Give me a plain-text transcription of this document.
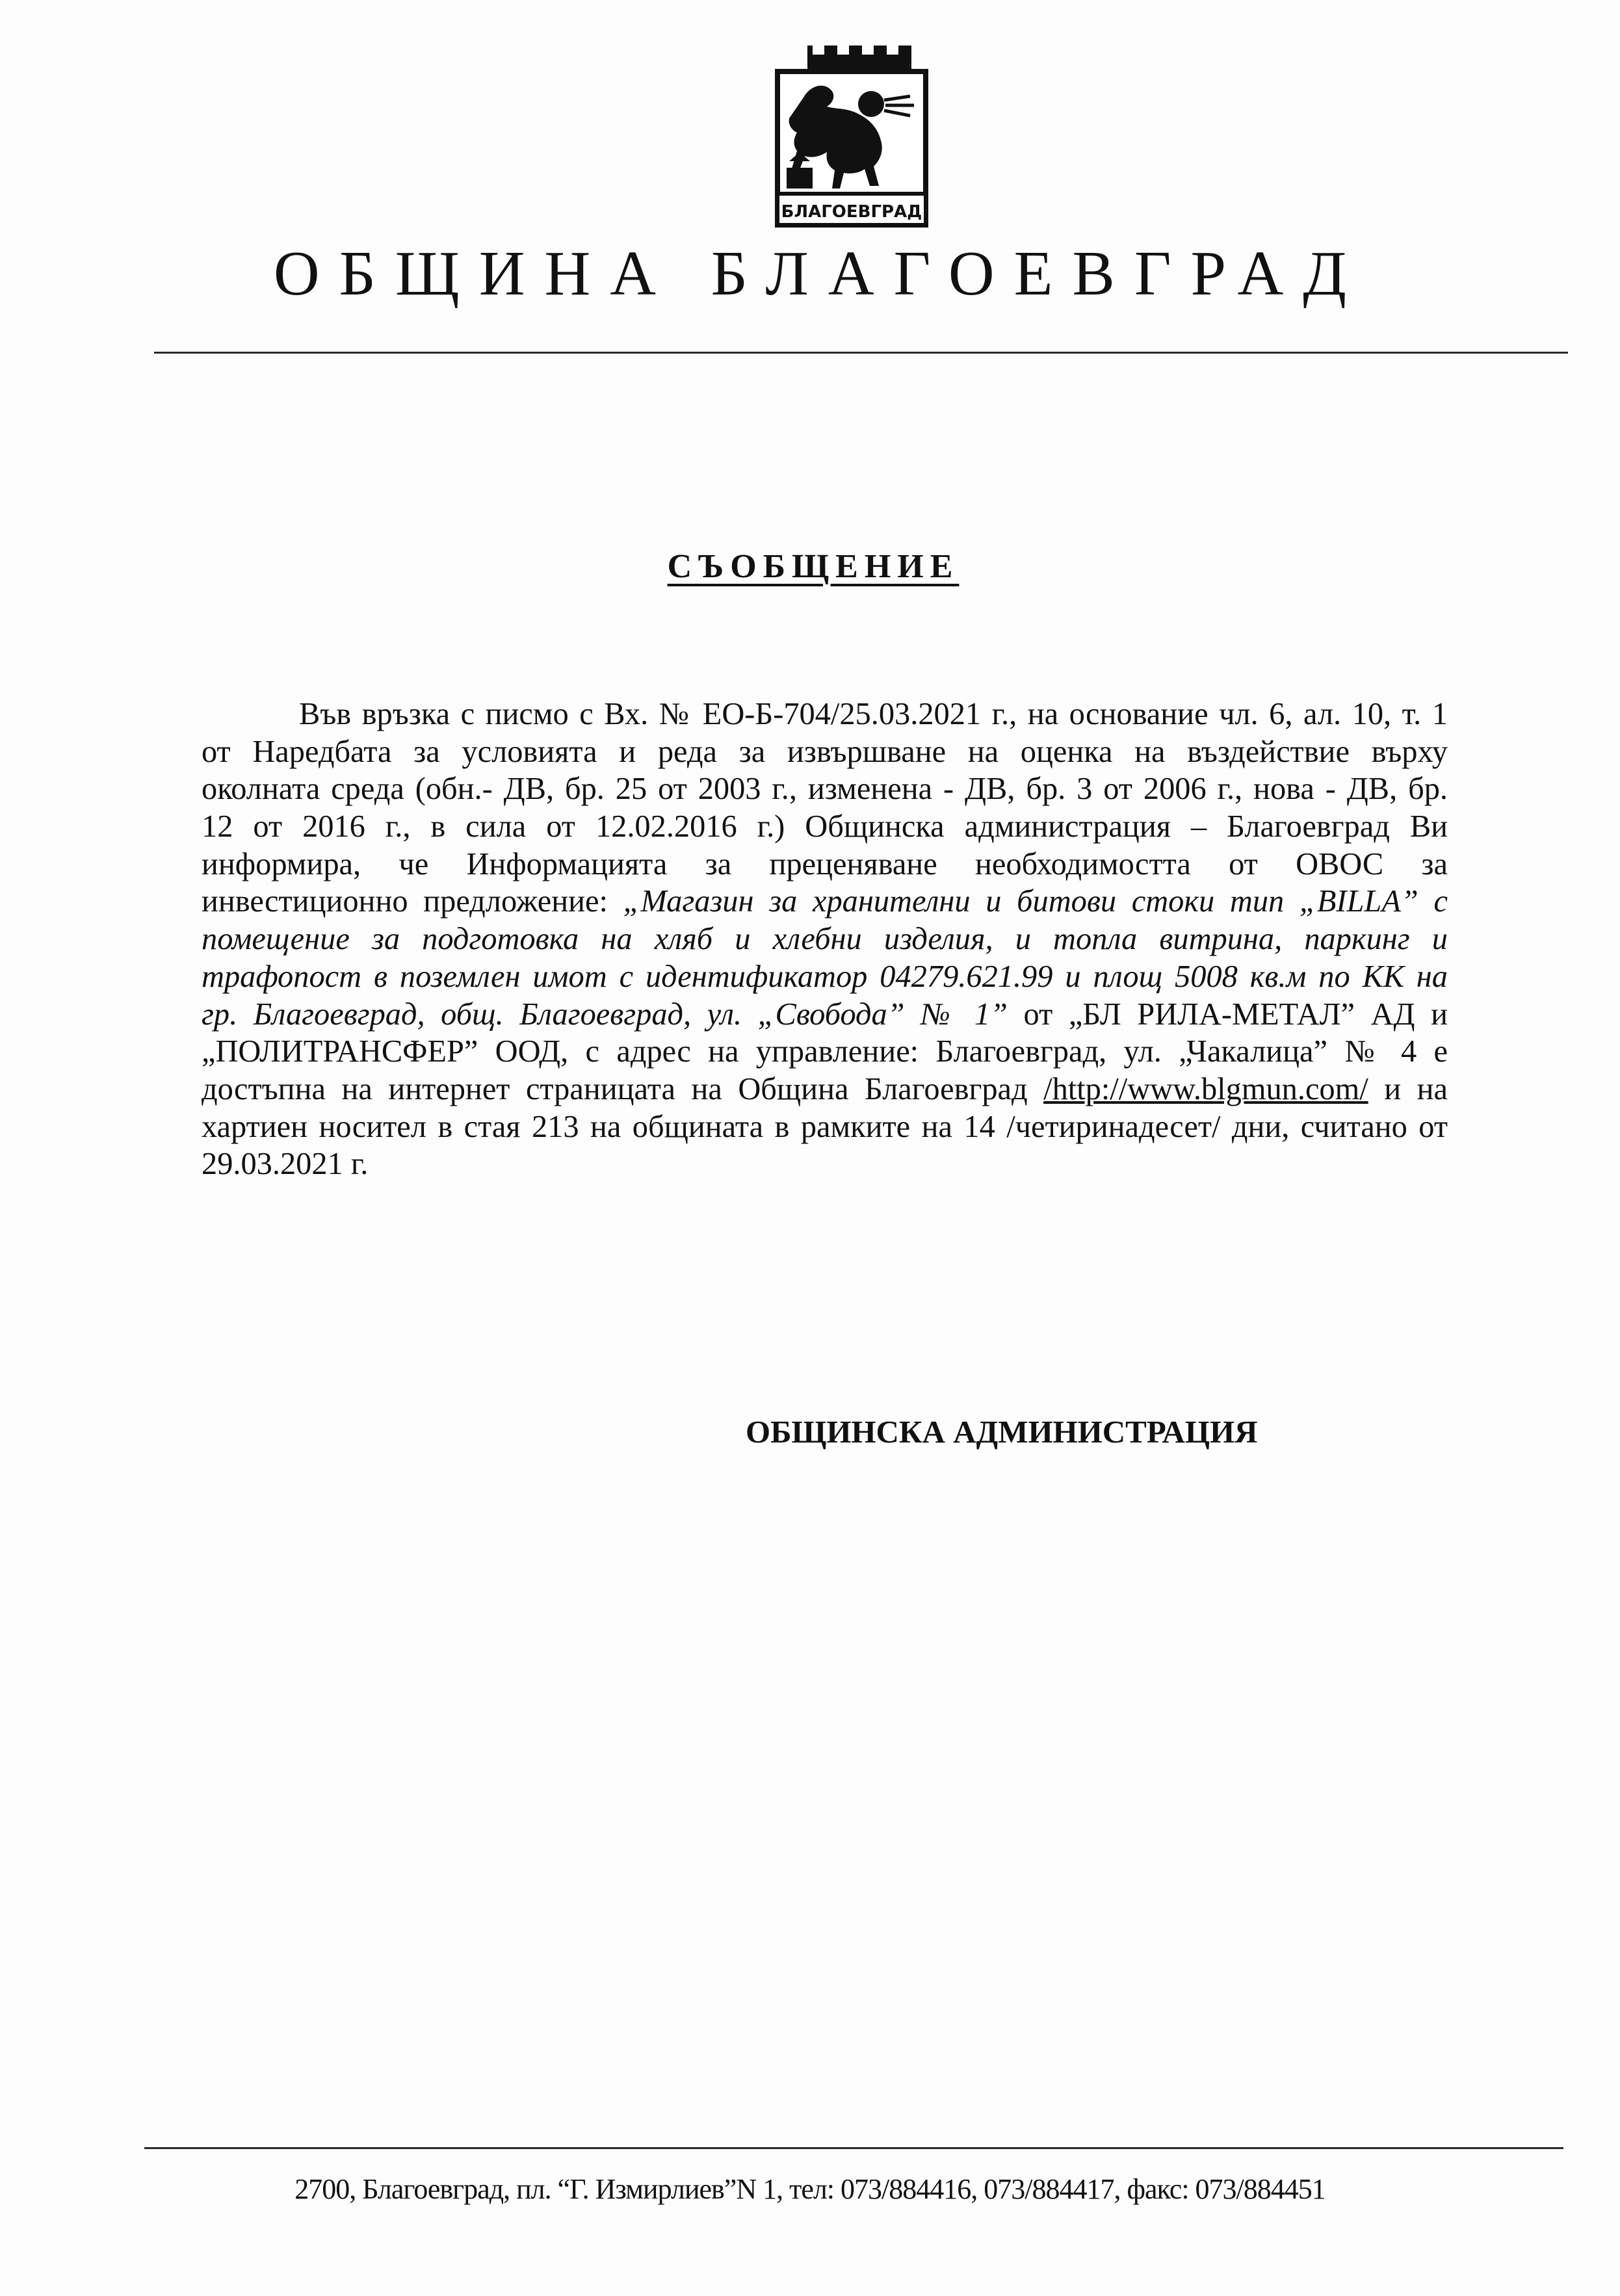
БЛАГОЕВГРАД
ОБЩИНА БЛАГОЕВГРАД
СЪОБЩЕНИЕ
Във връзка с писмо с Вх. № ЕО-Б-704/25.03.2021 г., на основание чл. 6, ал. 10, т. 1
от Наредбата за условията и реда за извършване на оценка на въздействие върху
околната среда (обн.- ДВ, бр. 25 от 2003 г., изменена - ДВ, бр. 3 от 2006 г., нова - ДВ, бр.
12 от 2016 г., в сила от 12.02.2016 г.) Общинска администрация – Благоевград Ви
информира, че Информацията за преценяване необходимостта от ОВОС за
инвестиционно предложение: „Магазин за хранителни и битови стоки тип „BILLA” с
помещение за подготовка на хляб и хлебни изделия, и топла витрина, паркинг и
трафопост в поземлен имот с идентификатор 04279.621.99 и площ 5008 кв.м по КК на
гр. Благоевград, общ. Благоевград, ул. „Свобода” № 1” от „БЛ РИЛА-МЕТАЛ” АД и
„ПОЛИТРАНСФЕР” ООД, с адрес на управление: Благоевград, ул. „Чакалица” № 4 е
достъпна на интернет страницата на Община Благоевград /http://www.blgmun.com/ и на
хартиен носител в стая 213 на общината в рамките на 14 /четиринадесет/ дни, считано от
29.03.2021 г.
ОБЩИНСКА АДМИНИСТРАЦИЯ
2700, Благоевград, пл. “Г. Измирлиев”N 1, тел: 073/884416, 073/884417, факс: 073/884451
